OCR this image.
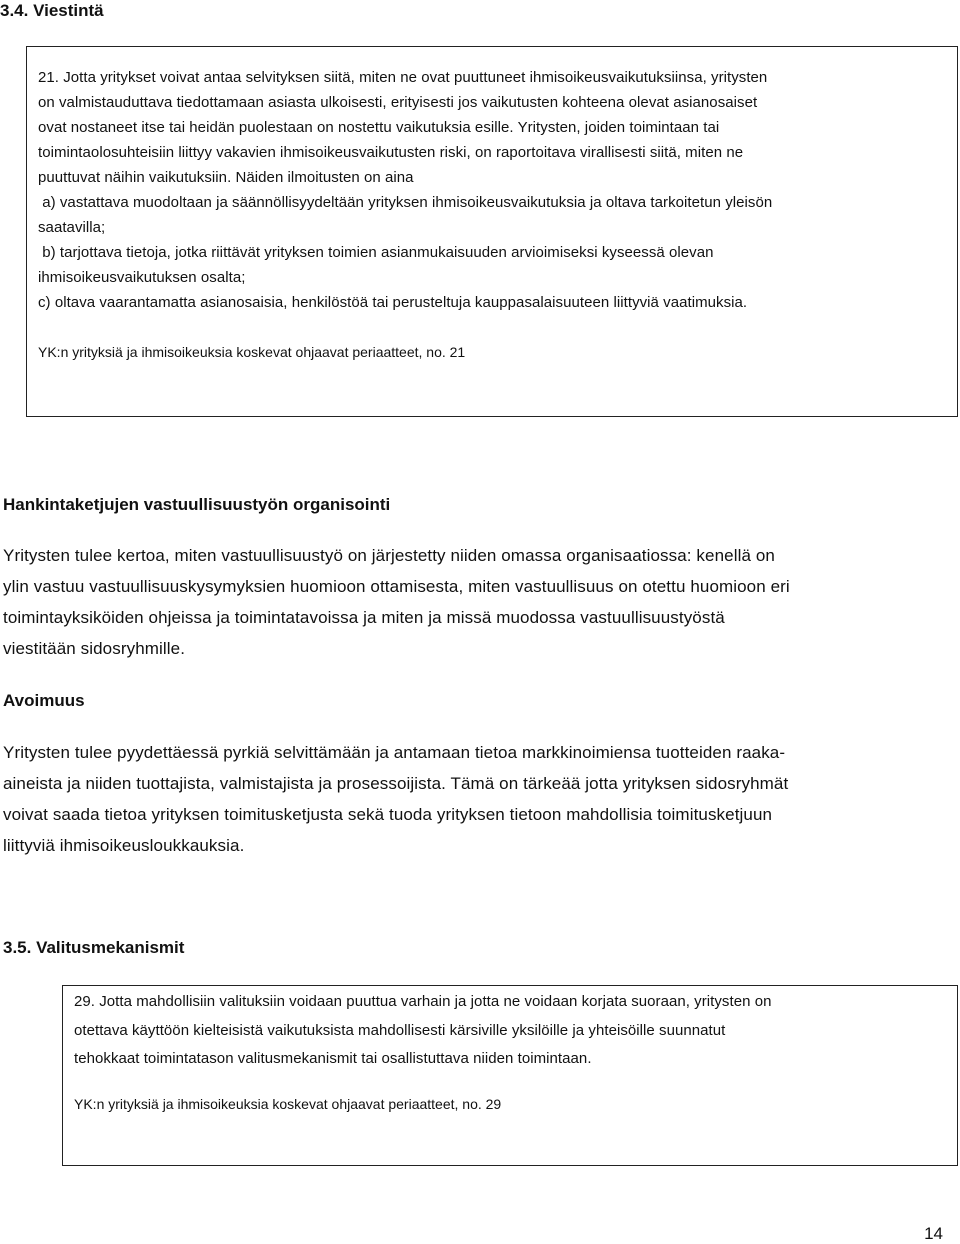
3.4. Viestintä

21. Jotta yritykset voivat antaa selvityksen siitä, miten ne ovat puuttuneet ihmisoikeusvaikutuksiinsa, yritysten

on valmistauduttava tiedottamaan asiasta ulkoisesti, erityisesti jos vaikutusten kohteena olevat asianosaiset

ovat nostaneet itse tai heidän puolestaan on nostettu vaikutuksia esille. Yritysten, joiden toimintaan tai

toimintaolosuhteisiin liittyy vakavien ihmisoikeusvaikutusten riski, on raportoitava virallisesti siitä, miten ne

puuttuvat näihin vaikutuksiin. Näiden ilmoitusten on aina

a) vastattava muodoltaan ja säännöllisyydeltään yrityksen ihmisoikeusvaikutuksia ja oltava tarkoitetun yleisön

saatavilla;

b) tarjottava tietoja, jotka riittävät yrityksen toimien asianmukaisuuden arvioimiseksi kyseessä olevan

ihmisoikeusvaikutuksen osalta;

c) oltava vaarantamatta asianosaisia, henkilöstöä tai perusteltuja kauppasalaisuuteen liittyviä vaatimuksia.

YK:n yrityksiä ja ihmisoikeuksia koskevat ohjaavat periaatteet, no. 21
Hankintaketjujen vastuullisuustyön organisointi

Yritysten tulee kertoa, miten vastuullisuustyö on järjestetty niiden omassa organisaatiossa: kenellä on

ylin vastuu vastuullisuuskysymyksien huomioon ottamisesta, miten vastuullisuus on otettu huomioon eri

toimintayksiköiden ohjeissa ja toimintatavoissa ja miten ja missä muodossa vastuullisuustyöstä

viestitään sidosryhmille.

Avoimuus

Yritysten tulee pyydettäessä pyrkiä selvittämään ja antamaan tietoa markkinoimiensa tuotteiden raaka-

aineista ja niiden tuottajista, valmistajista ja prosessoijista. Tämä on tärkeää jotta yrityksen sidosryhmät

voivat saada tietoa yrityksen toimitusketjusta sekä tuoda yrityksen tietoon mahdollisia toimitusketjuun

liittyviä ihmisoikeusloukkauksia.

3.5. Valitusmekanismit

29. Jotta mahdollisiin valituksiin voidaan puuttua varhain ja jotta ne voidaan korjata suoraan, yritysten on

otettava käyttöön kielteisistä vaikutuksista mahdollisesti kärsiville yksilöille ja yhteisöille suunnatut

tehokkaat toimintatason valitusmekanismit tai osallistuttava niiden toimintaan.

YK:n yrityksiä ja ihmisoikeuksia koskevat ohjaavat periaatteet, no. 29
14
